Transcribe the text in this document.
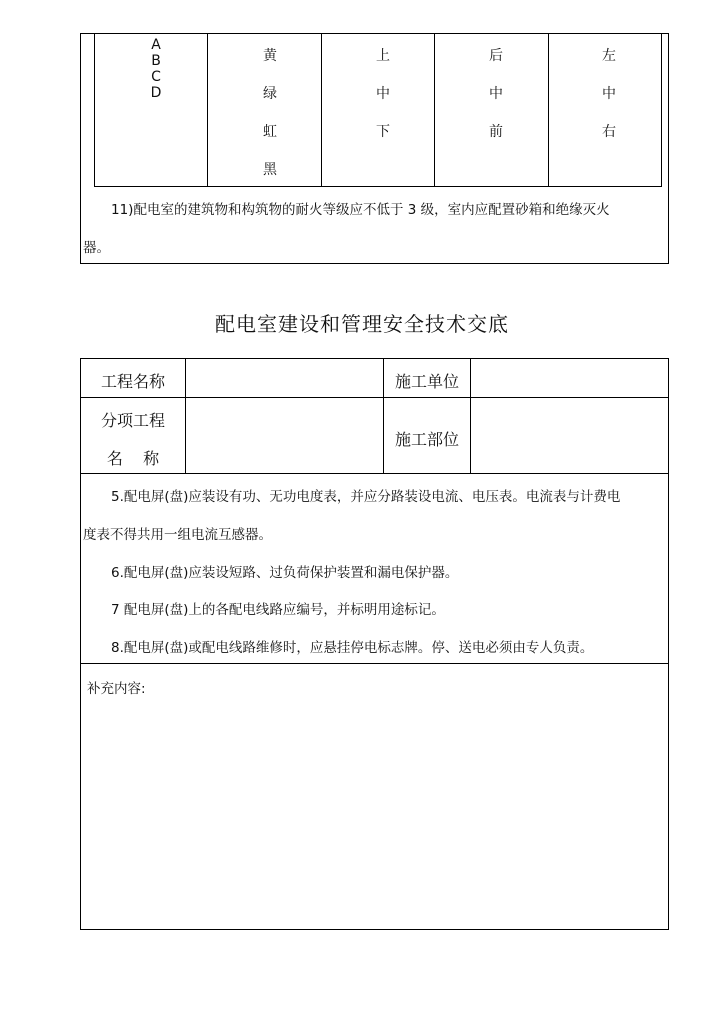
A
B
C
D
黄
绿
虹
黑
上
中
下
后
中
前
左
中
右
11)配电室的建筑物和构筑物的耐火等级应不低于 3 级，室内应配置砂箱和绝缘灭火
器。
配电室建设和管理安全技术交底
工程名称	施工单位
分项工程
名    称
施工部位
5.配电屏(盘)应装设有功、无功电度表，并应分路装设电流、电压表。电流表与计费电
度表不得共用一组电流互感器。
6.配电屏(盘)应装设短路、过负荷保护装置和漏电保护器。
7 配电屏(盘)上的各配电线路应编号，并标明用途标记。
8.配电屏(盘)或配电线路维修时，应悬挂停电标志牌。停、送电必须由专人负责。
补充内容:
